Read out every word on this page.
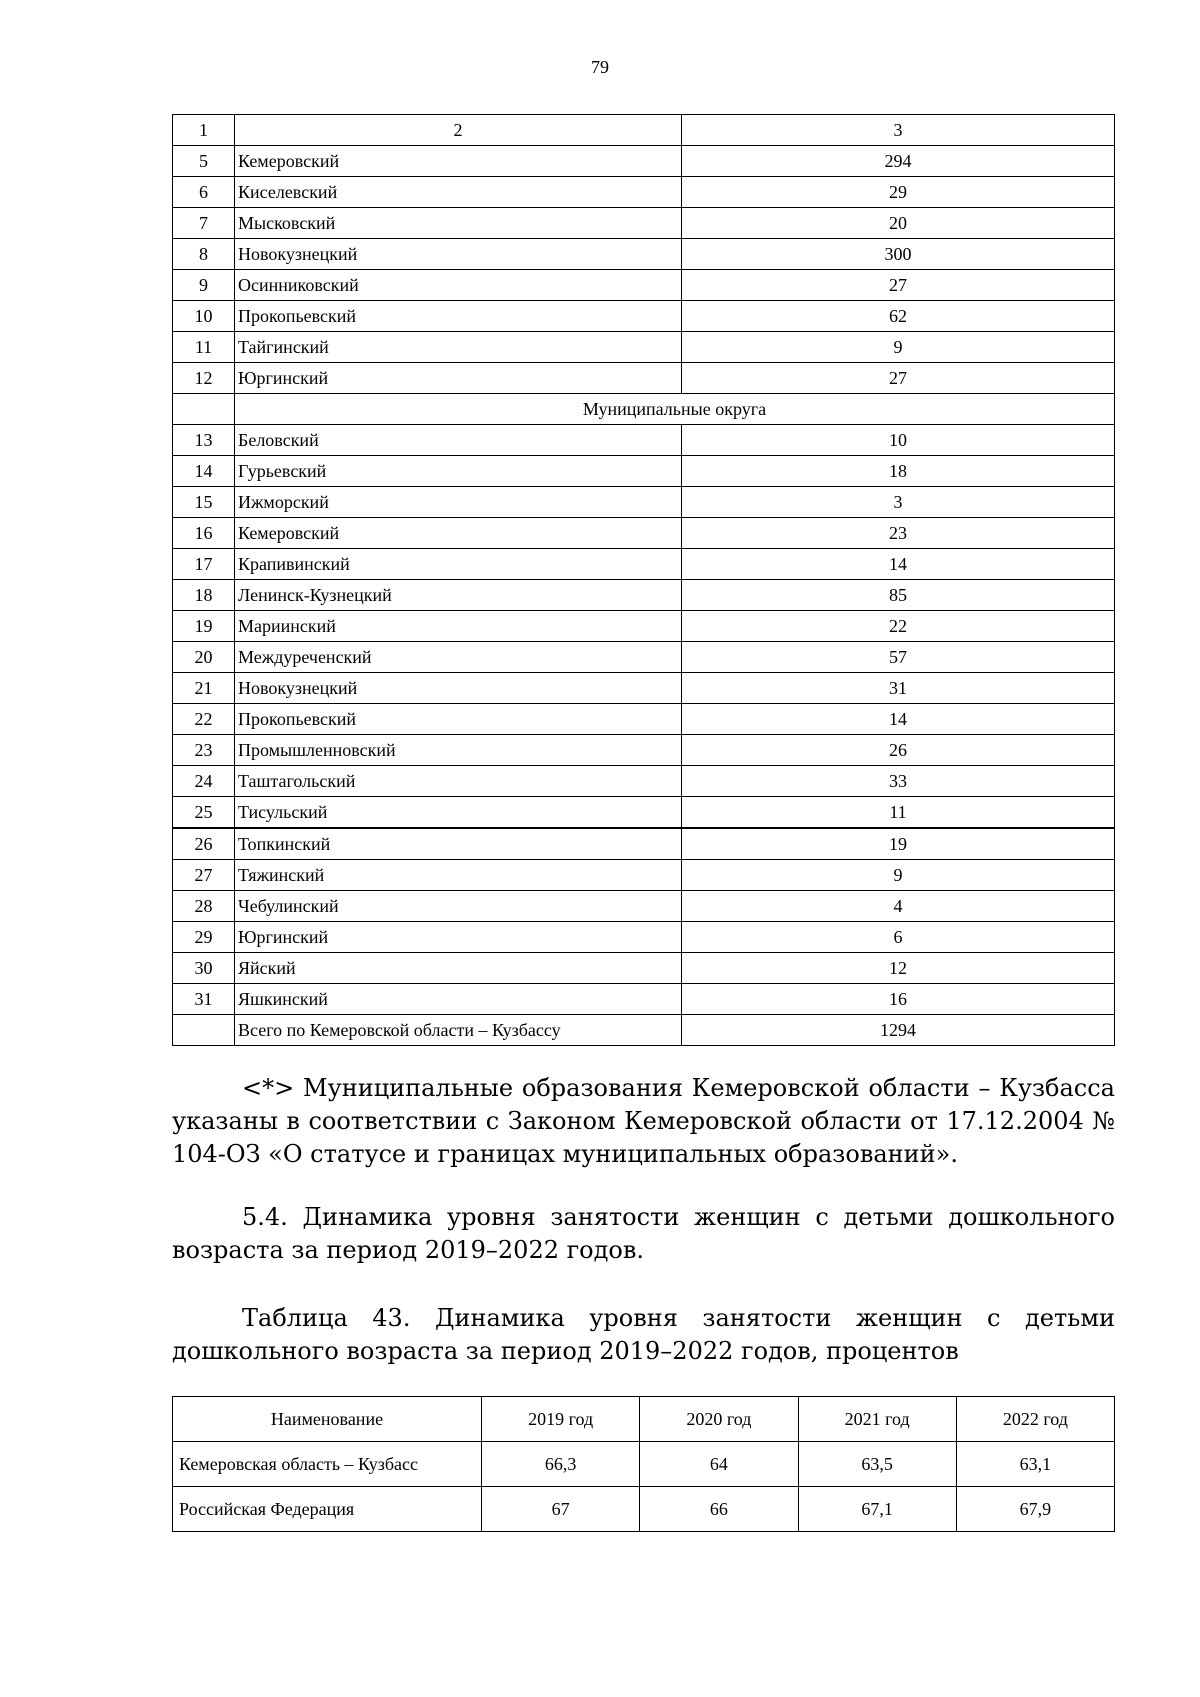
79
1	2	3
5	Кемеровский	294
6	Киселевский	29
7	Мысковский	20
8	Новокузнецкий	300
9	Осинниковский	27
10	Прокопьевский	62
11	Тайгинский	9
12	Юргинский	27
	Муниципальные округа	
13	Беловский	10
14	Гурьевский	18
15	Ижморский	3
16	Кемеровский	23
17	Крапивинский	14
18	Ленинск-Кузнецкий	85
19	Мариинский	22
20	Междуреченский	57
21	Новокузнецкий	31
22	Прокопьевский	14
23	Промышленновский	26
24	Таштагольский	33
25	Тисульский	11
26	Топкинский	19
27	Тяжинский	9
28	Чебулинский	4
29	Юргинский	6
30	Яйский	12
31	Яшкинский	16
	Всего по Кемеровской области – Кузбассу	1294

<*> Муниципальные образования Кемеровской области – Кузбасса указаны в соответствии с Законом Кемеровской области от 17.12.2004 № 104-ОЗ «О статусе и границах муниципальных образований».

5.4. Динамика уровня занятости женщин с детьми дошкольного возраста за период 2019–2022 годов.

Таблица 43. Динамика уровня занятости женщин с детьми дошкольного возраста за период 2019–2022 годов, процентов

Наименование	2019 год	2020 год	2021 год	2022 год
Кемеровская область – Кузбасс	66,3	64	63,5	63,1
Российская Федерация	67	66	67,1	67,9
